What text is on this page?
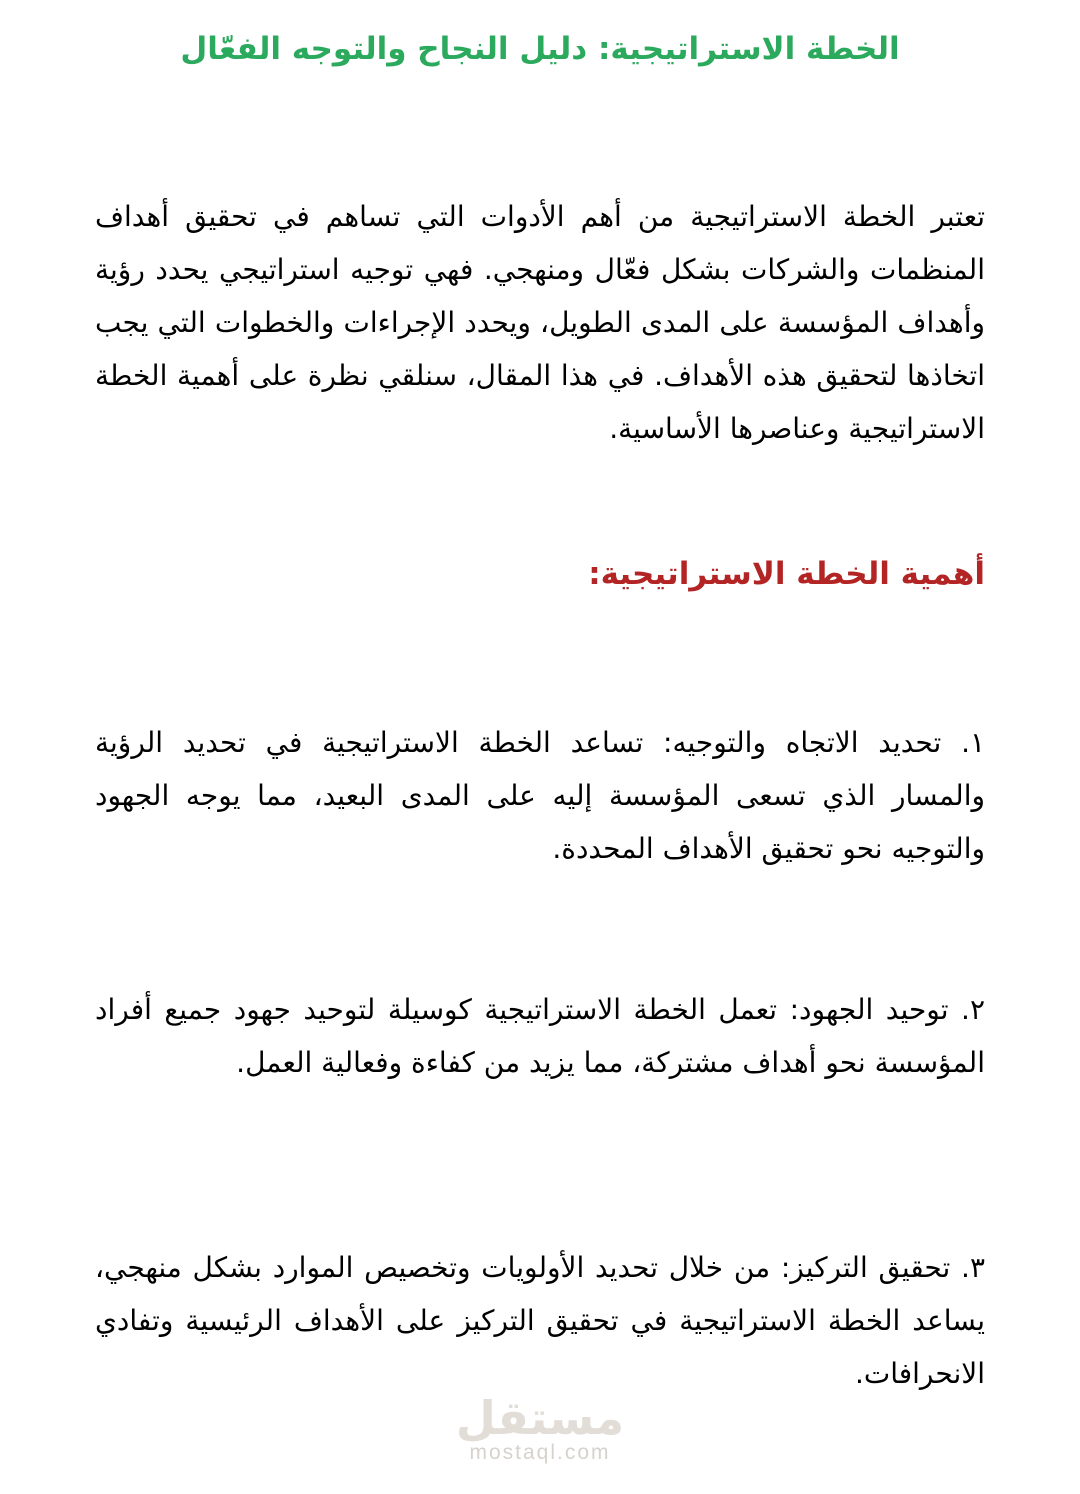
مستقل
mostaql.com
الخطة الاستراتيجية: دليل النجاح والتوجه الفعّال

تعتبر الخطة الاستراتيجية من أهم الأدوات التي تساهم في تحقيق أهداف المنظمات والشركات بشكل فعّال ومنهجي. فهي توجيه استراتيجي يحدد رؤية وأهداف المؤسسة على المدى الطويل، ويحدد الإجراءات والخطوات التي يجب اتخاذها لتحقيق هذه الأهداف. في هذا المقال، سنلقي نظرة على أهمية الخطة الاستراتيجية وعناصرها الأساسية.

أهمية الخطة الاستراتيجية:

١. تحديد الاتجاه والتوجيه: تساعد الخطة الاستراتيجية في تحديد الرؤية والمسار الذي تسعى المؤسسة إليه على المدى البعيد، مما يوجه الجهود والتوجيه نحو تحقيق الأهداف المحددة.

٢. توحيد الجهود: تعمل الخطة الاستراتيجية كوسيلة لتوحيد جهود جميع أفراد المؤسسة نحو أهداف مشتركة، مما يزيد من كفاءة وفعالية العمل.

٣. تحقيق التركيز: من خلال تحديد الأولويات وتخصيص الموارد بشكل منهجي، يساعد الخطة الاستراتيجية في تحقيق التركيز على الأهداف الرئيسية وتفادي الانحرافات.
